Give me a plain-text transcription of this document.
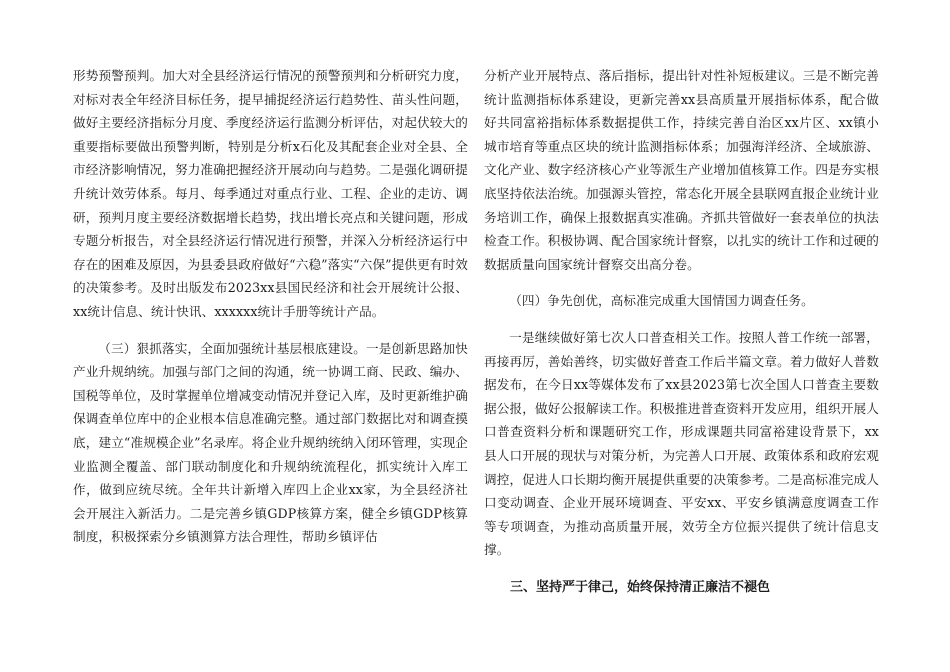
形势预警预判。加大对全县经济运行情况的预警预判和分析研究力度，对标对表全年经济目标任务，提早捕捉经济运行趋势性、苗头性问题，做好主要经济指标分月度、季度经济运行监测分析评估，对起伏较大的重要指标要做出预警判断，特别是分析x石化及其配套企业对全县、全市经济影响情况，努力准确把握经济开展动向与趋势。二是强化调研提升统计效劳体系。每月、每季通过对重点行业、工程、企业的走访、调研，预判月度主要经济数据增长趋势，找出增长亮点和关键问题，形成专题分析报告，对全县经济运行情况进行预警，并深入分析经济运行中存在的困难及原因，为县委县政府做好“六稳”落实“六保”提供更有时效的决策参考。及时出版发布2023xx县国民经济和社会开展统计公报、xx统计信息、统计快讯、xxxxxx统计手册等统计产品。

（三）狠抓落实，全面加强统计基层根底建设。一是创新思路加快产业升规纳统。加强与部门之间的沟通，统一协调工商、民政、编办、国税等单位，及时掌握单位增减变动情况并登记入库，及时更新维护确保调查单位库中的企业根本信息准确完整。通过部门数据比对和调查摸底，建立“准规模企业”名录库。将企业升规纳统纳入闭环管理，实现企业监测全覆盖、部门联动制度化和升规纳统流程化，抓实统计入库工作，做到应统尽统。全年共计新增入库四上企业xx家，为全县经济社会开展注入新活力。二是完善乡镇GDP核算方案，健全乡镇GDP核算制度，积极探索分乡镇测算方法合理性，帮助乡镇评估

分析产业开展特点、落后指标，提出针对性补短板建议。三是不断完善统计监测指标体系建设，更新完善xx县高质量开展指标体系，配合做好共同富裕指标体系数据提供工作，持续完善自治区xx片区、xx镇小城市培育等重点区块的统计监测指标体系；加强海洋经济、全域旅游、文化产业、数字经济核心产业等派生产业增加值核算工作。四是夯实根底坚持依法治统。加强源头管控，常态化开展全县联网直报企业统计业务培训工作，确保上报数据真实准确。齐抓共管做好一套表单位的执法检查工作。积极协调、配合国家统计督察，以扎实的统计工作和过硬的数据质量向国家统计督察交出高分卷。

（四）争先创优，高标准完成重大国情国力调查任务。

一是继续做好第七次人口普查相关工作。按照人普工作统一部署，再接再厉，善始善终，切实做好普查工作后半篇文章。着力做好人普数据发布，在今日xx等媒体发布了xx县2023第七次全国人口普查主要数据公报，做好公报解读工作。积极推进普查资料开发应用，组织开展人口普查资料分析和课题研究工作，形成课题共同富裕建设背景下，xx县人口开展的现状与对策分析，为完善人口开展、政策体系和政府宏观调控，促进人口长期均衡开展提供重要的决策参考。二是高标准完成人口变动调查、企业开展环境调查、平安xx、平安乡镇满意度调查工作等专项调查，为推动高质量开展，效劳全方位振兴提供了统计信息支撑。

三、坚持严于律己，始终保持清正廉洁不褪色
